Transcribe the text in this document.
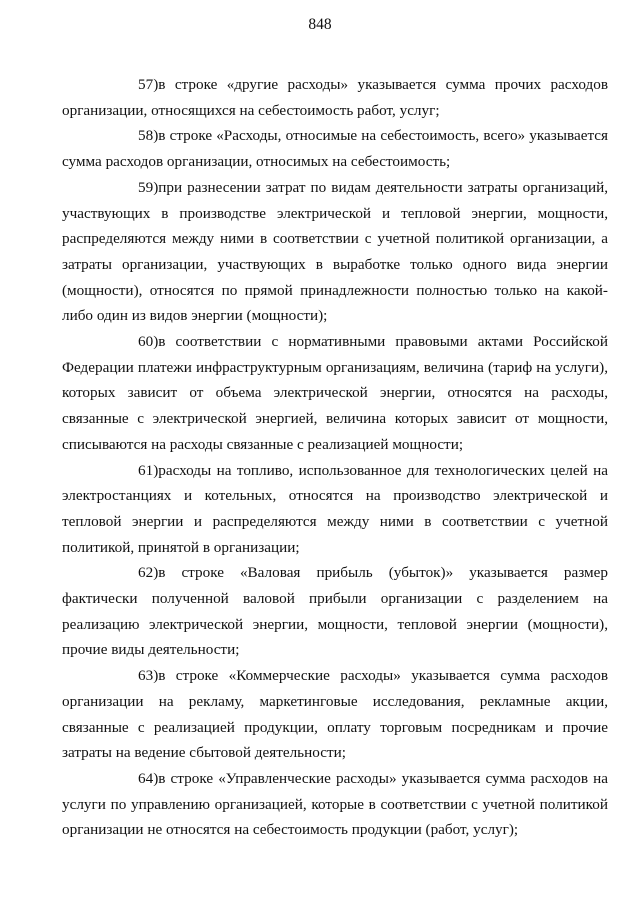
848

57)в строке «другие расходы» указывается сумма прочих расходов организации, относящихся на себестоимость работ, услуг;

58)в строке «Расходы, относимые на себестоимость, всего» указывается сумма расходов организации, относимых на себестоимость;

59)при разнесении затрат по видам деятельности затраты организаций, участвующих в производстве электрической и тепловой энергии, мощности, распределяются между ними в соответствии с учетной политикой организации, а затраты организации, участвующих в выработке только одного вида энергии (мощности), относятся по прямой принадлежности полностью только на какой-либо один из видов энергии (мощности);

60)в соответствии с нормативными правовыми актами Российской Федерации платежи инфраструктурным организациям, величина (тариф на услуги), которых зависит от объема электрической энергии, относятся на расходы, связанные с электрической энергией, величина которых зависит от мощности, списываются на расходы связанные с реализацией мощности;

61)расходы на топливо, использованное для технологических целей на электростанциях и котельных, относятся на производство электрической и тепловой энергии и распределяются между ними в соответствии с учетной политикой, принятой в организации;

62)в строке «Валовая прибыль (убыток)» указывается размер фактически полученной валовой прибыли организации с разделением на реализацию электрической энергии, мощности, тепловой энергии (мощности), прочие виды деятельности;

63)в строке «Коммерческие расходы» указывается сумма расходов организации на рекламу, маркетинговые исследования, рекламные акции, связанные с реализацией продукции, оплату торговым посредникам и прочие затраты на ведение сбытовой деятельности;

64)в строке «Управленческие расходы» указывается сумма расходов на услуги по управлению организацией, которые в соответствии с учетной политикой организации не относятся на себестоимость продукции (работ, услуг);
